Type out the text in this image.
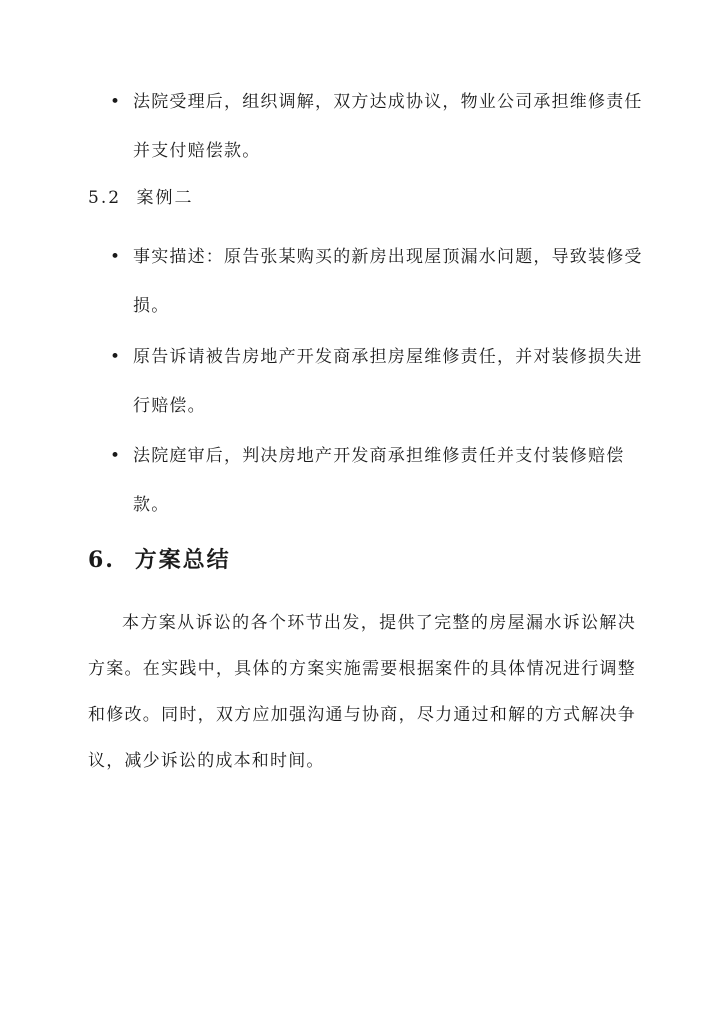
• 法院受理后，组织调解，双方达成协议，物业公司承担维修责任并支付赔偿款。
5.2 案例二
• 事实描述：原告张某购买的新房出现屋顶漏水问题，导致装修受损。
• 原告诉请被告房地产开发商承担房屋维修责任，并对装修损失进行赔偿。
• 法院庭审后，判决房地产开发商承担维修责任并支付装修赔偿款。
6. 方案总结
本方案从诉讼的各个环节出发，提供了完整的房屋漏水诉讼解决方案。在实践中，具体的方案实施需要根据案件的具体情况进行调整和修改。同时，双方应加强沟通与协商，尽力通过和解的方式解决争议，减少诉讼的成本和时间。
